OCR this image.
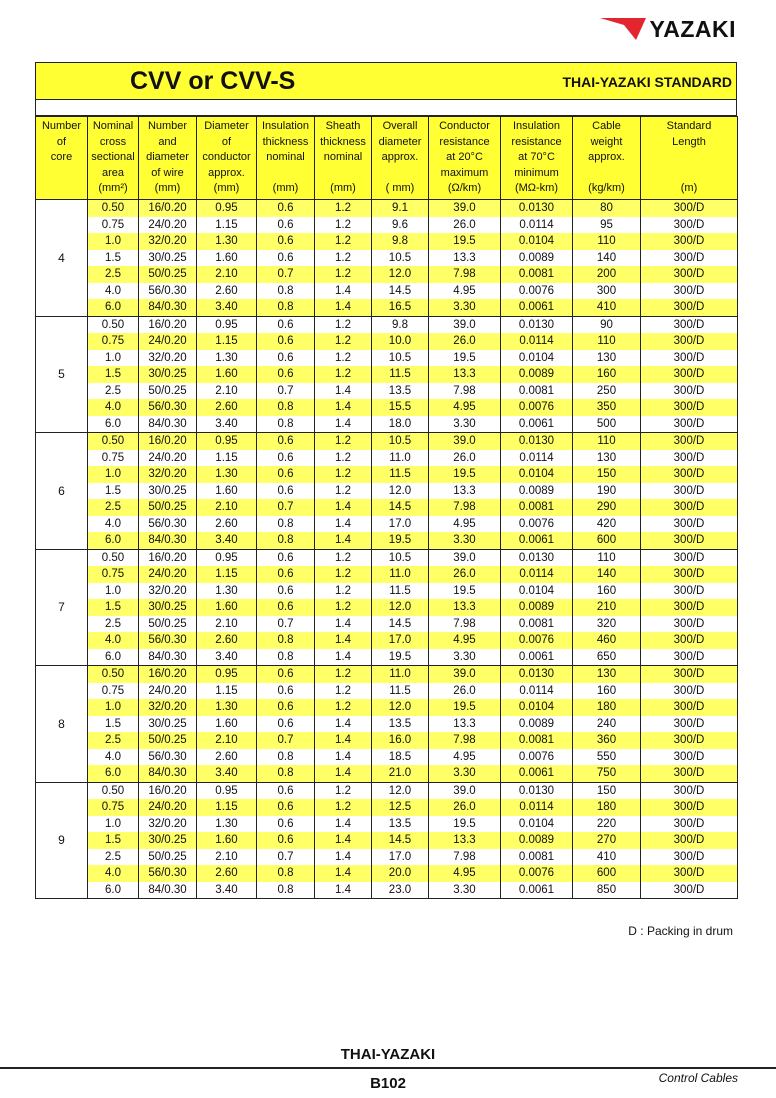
YAZAKI
CVV or CVV-S	THAI-YAZAKI STANDARD
Number
of
core	Nominal
cross
sectional
area
(mm²)	Number
and
diameter
of wire
(mm)	Diameter
of
conductor
approx.
(mm)	Insulation
thickness
nominal

(mm)	Sheath
thickness
nominal

(mm)	Overall
diameter
approx.

( mm)	Conductor
resistance
at 20°C
maximum
(Ω/km)	Insulation
resistance
at 70°C
minimum
(MΩ-km)	Cable
weight
approx.

(kg/km)	Standard
Length

(m)

4	0.50	16/0.20	0.95	0.6	1.2	9.1	39.0	0.0130	80	300/D
	0.75	24/0.20	1.15	0.6	1.2	9.6	26.0	0.0114	95	300/D
	1.0	32/0.20	1.30	0.6	1.2	9.8	19.5	0.0104	110	300/D
	1.5	30/0.25	1.60	0.6	1.2	10.5	13.3	0.0089	140	300/D
	2.5	50/0.25	2.10	0.7	1.2	12.0	7.98	0.0081	200	300/D
	4.0	56/0.30	2.60	0.8	1.4	14.5	4.95	0.0076	300	300/D
	6.0	84/0.30	3.40	0.8	1.4	16.5	3.30	0.0061	410	300/D
5	0.50	16/0.20	0.95	0.6	1.2	9.8	39.0	0.0130	90	300/D
	0.75	24/0.20	1.15	0.6	1.2	10.0	26.0	0.0114	110	300/D
	1.0	32/0.20	1.30	0.6	1.2	10.5	19.5	0.0104	130	300/D
	1.5	30/0.25	1.60	0.6	1.2	11.5	13.3	0.0089	160	300/D
	2.5	50/0.25	2.10	0.7	1.4	13.5	7.98	0.0081	250	300/D
	4.0	56/0.30	2.60	0.8	1.4	15.5	4.95	0.0076	350	300/D
	6.0	84/0.30	3.40	0.8	1.4	18.0	3.30	0.0061	500	300/D
6	0.50	16/0.20	0.95	0.6	1.2	10.5	39.0	0.0130	110	300/D
	0.75	24/0.20	1.15	0.6	1.2	11.0	26.0	0.0114	130	300/D
	1.0	32/0.20	1.30	0.6	1.2	11.5	19.5	0.0104	150	300/D
	1.5	30/0.25	1.60	0.6	1.2	12.0	13.3	0.0089	190	300/D
	2.5	50/0.25	2.10	0.7	1.4	14.5	7.98	0.0081	290	300/D
	4.0	56/0.30	2.60	0.8	1.4	17.0	4.95	0.0076	420	300/D
	6.0	84/0.30	3.40	0.8	1.4	19.5	3.30	0.0061	600	300/D
7	0.50	16/0.20	0.95	0.6	1.2	10.5	39.0	0.0130	110	300/D
	0.75	24/0.20	1.15	0.6	1.2	11.0	26.0	0.0114	140	300/D
	1.0	32/0.20	1.30	0.6	1.2	11.5	19.5	0.0104	160	300/D
	1.5	30/0.25	1.60	0.6	1.2	12.0	13.3	0.0089	210	300/D
	2.5	50/0.25	2.10	0.7	1.4	14.5	7.98	0.0081	320	300/D
	4.0	56/0.30	2.60	0.8	1.4	17.0	4.95	0.0076	460	300/D
	6.0	84/0.30	3.40	0.8	1.4	19.5	3.30	0.0061	650	300/D
8	0.50	16/0.20	0.95	0.6	1.2	11.0	39.0	0.0130	130	300/D
	0.75	24/0.20	1.15	0.6	1.2	11.5	26.0	0.0114	160	300/D
	1.0	32/0.20	1.30	0.6	1.2	12.0	19.5	0.0104	180	300/D
	1.5	30/0.25	1.60	0.6	1.4	13.5	13.3	0.0089	240	300/D
	2.5	50/0.25	2.10	0.7	1.4	16.0	7.98	0.0081	360	300/D
	4.0	56/0.30	2.60	0.8	1.4	18.5	4.95	0.0076	550	300/D
	6.0	84/0.30	3.40	0.8	1.4	21.0	3.30	0.0061	750	300/D
9	0.50	16/0.20	0.95	0.6	1.2	12.0	39.0	0.0130	150	300/D
	0.75	24/0.20	1.15	0.6	1.2	12.5	26.0	0.0114	180	300/D
	1.0	32/0.20	1.30	0.6	1.4	13.5	19.5	0.0104	220	300/D
	1.5	30/0.25	1.60	0.6	1.4	14.5	13.3	0.0089	270	300/D
	2.5	50/0.25	2.10	0.7	1.4	17.0	7.98	0.0081	410	300/D
	4.0	56/0.30	2.60	0.8	1.4	20.0	4.95	0.0076	600	300/D
	6.0	84/0.30	3.40	0.8	1.4	23.0	3.30	0.0061	850	300/D
D : Packing in drum
THAI-YAZAKI
B102	Control Cables
